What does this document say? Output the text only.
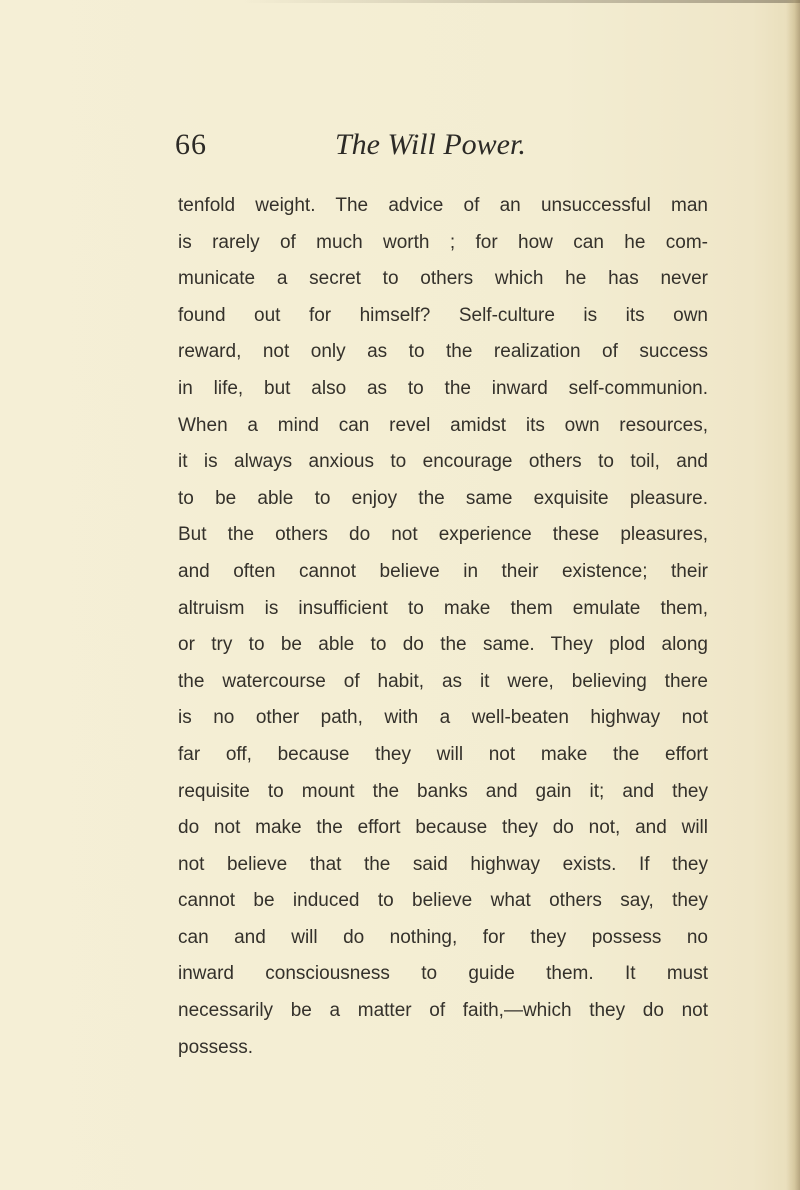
66	The Will Power.
tenfold weight. The advice of an unsuccessful man
is rarely of much worth ; for how can he com-
municate a secret to others which he has never
found out for himself? Self-culture is its own
reward, not only as to the realization of success
in life, but also as to the inward self-communion.
When a mind can revel amidst its own resources,
it is always anxious to encourage others to toil, and
to be able to enjoy the same exquisite pleasure.
But the others do not experience these pleasures,
and often cannot believe in their existence; their
altruism is insufficient to make them emulate them,
or try to be able to do the same. They plod along
the watercourse of habit, as it were, believing there
is no other path, with a well-beaten highway not
far off, because they will not make the effort
requisite to mount the banks and gain it; and they
do not make the effort because they do not, and will
not believe that the said highway exists. If they
cannot be induced to believe what others say, they
can and will do nothing, for they possess no
inward consciousness to guide them. It must
necessarily be a matter of faith,—which they do not
possess.
